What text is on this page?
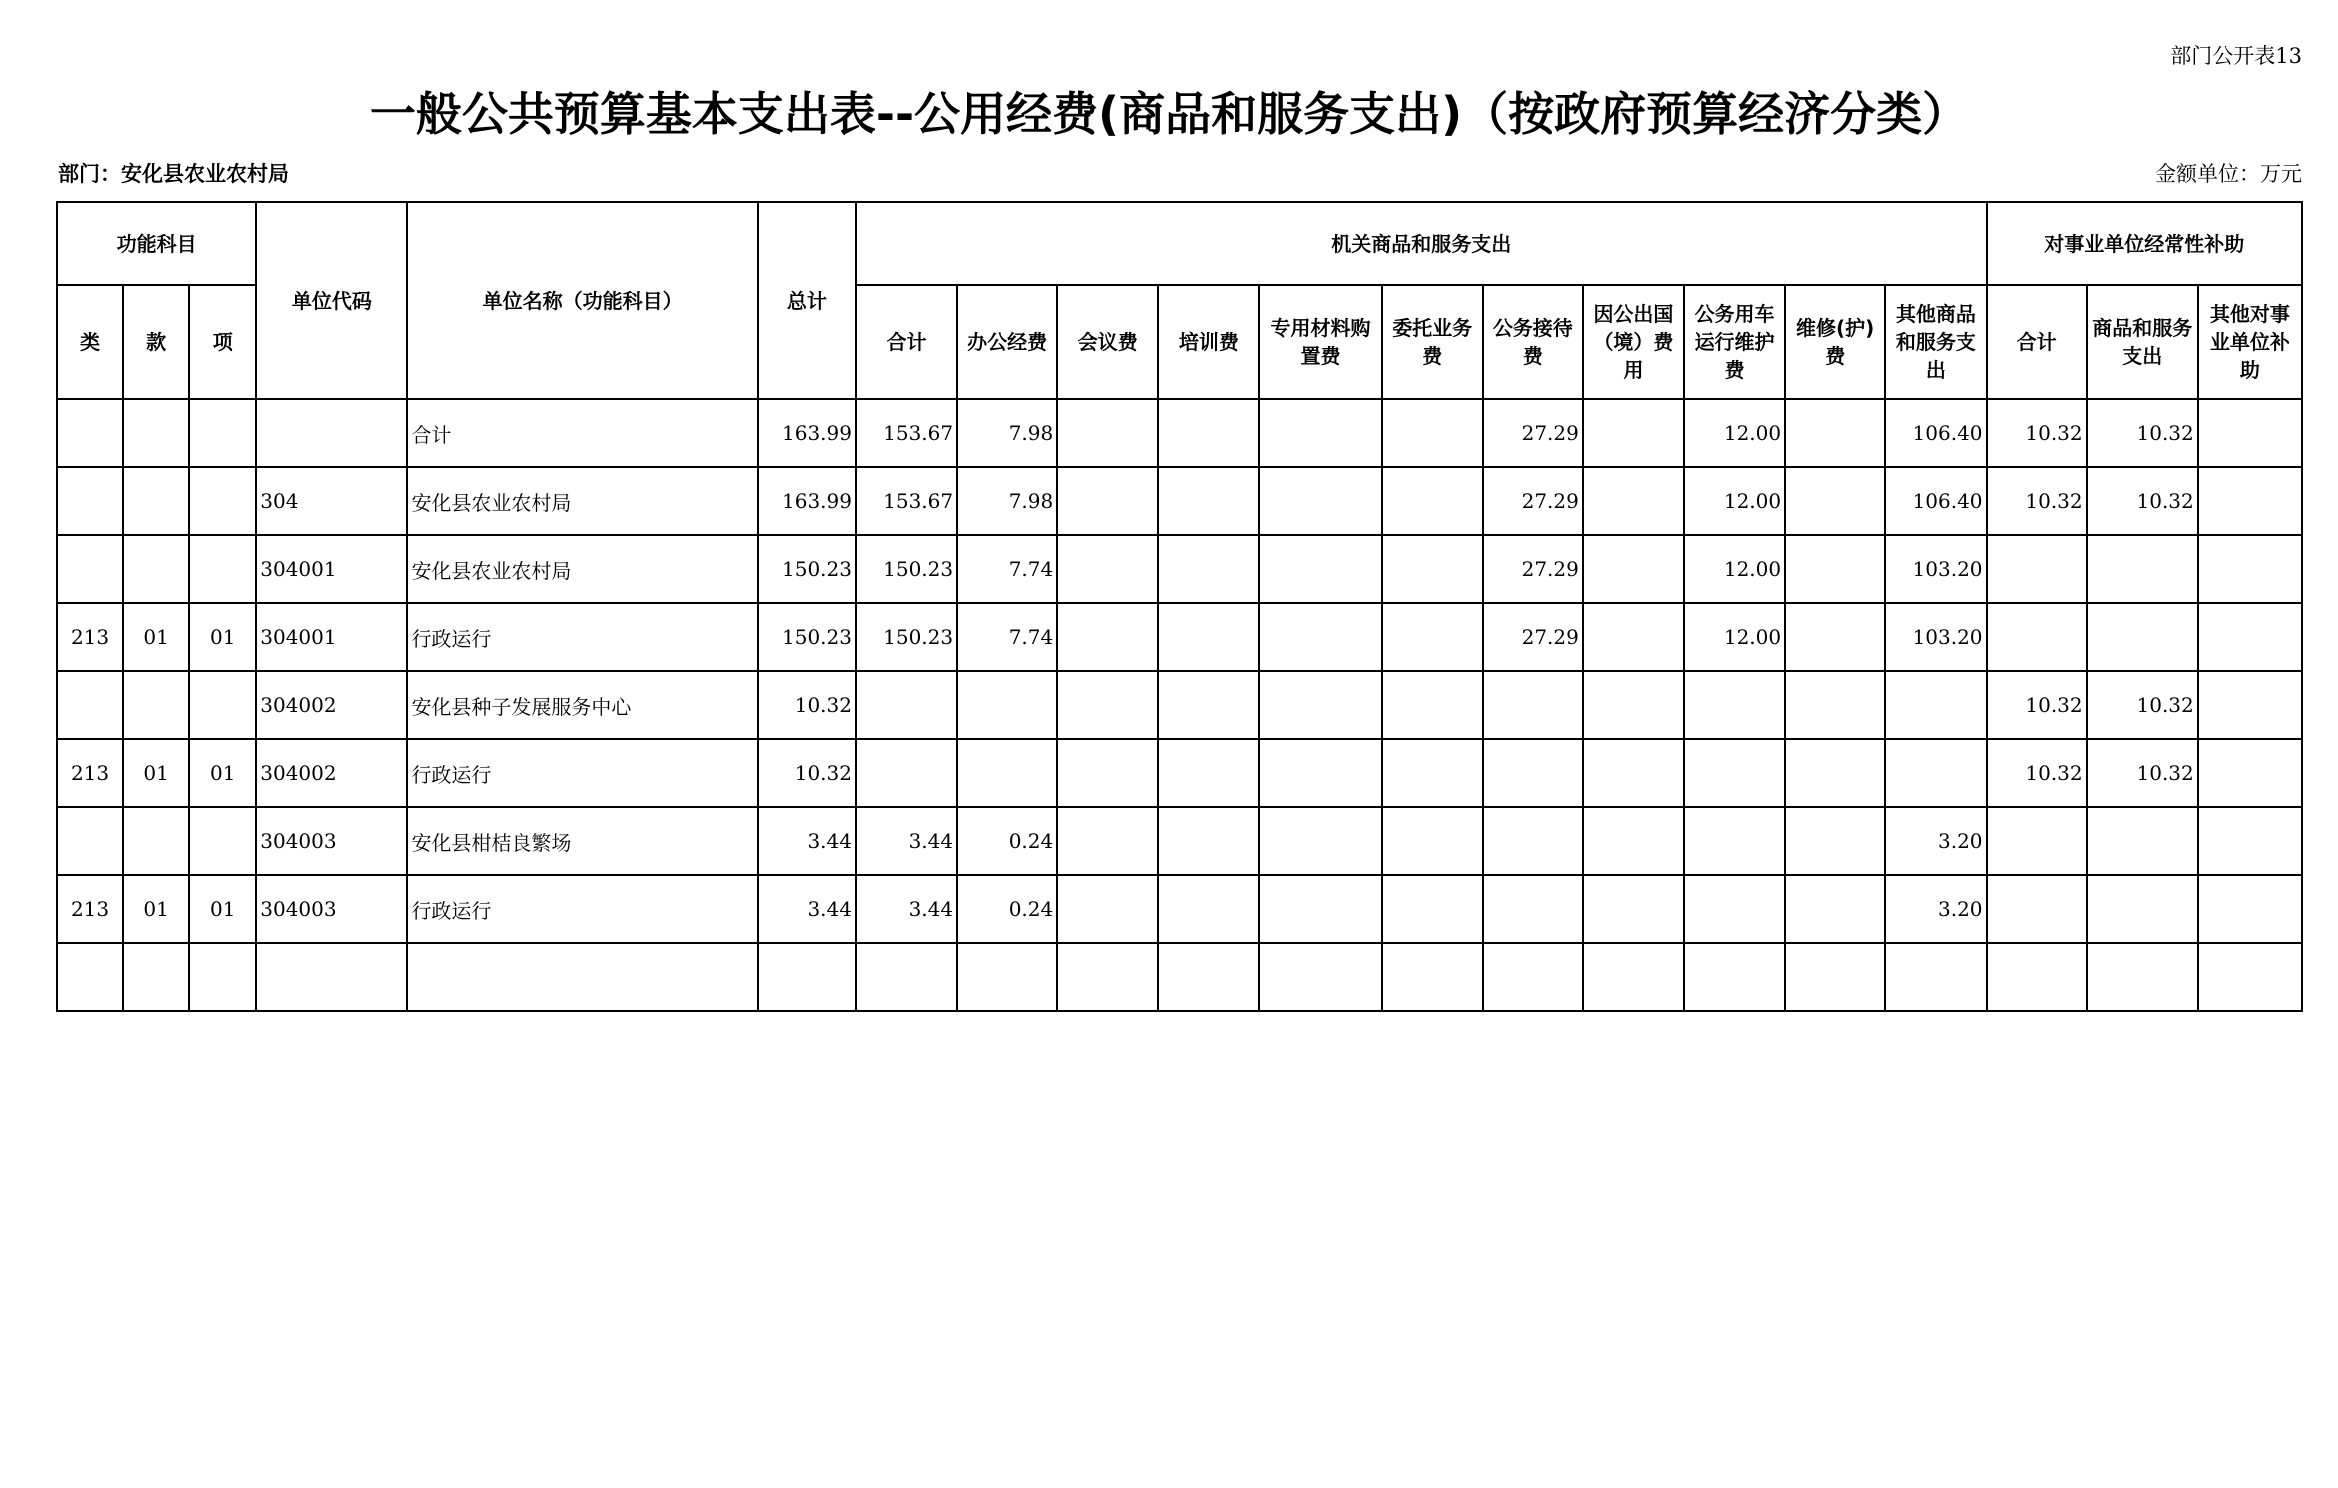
部门公开表13
一般公共预算基本支出表--公用经费(商品和服务支出)（按政府预算经济分类）
部门：安化县农业农村局	金额单位：万元
功能科目			单位代码	单位名称（功能科目）	总计	机关商品和服务支出											对事业单位经常性补助		
类	款	项				合计	办公经费	会议费	培训费	专用材料购置费	委托业务费	公务接待费	因公出国（境）费用	公务用车运行维护费	维修(护)费	其他商品和服务支出	合计	商品和服务支出	其他对事业单位补助
				合计	163.99	153.67	7.98					27.29		12.00		106.40	10.32	10.32	
			304	安化县农业农村局	163.99	153.67	7.98					27.29		12.00		106.40	10.32	10.32	
			304001	安化县农业农村局	150.23	150.23	7.74					27.29		12.00		103.20			
213	01	01	304001	行政运行	150.23	150.23	7.74					27.29		12.00		103.20			
			304002	安化县种子发展服务中心	10.32												10.32	10.32	
213	01	01	304002	行政运行	10.32												10.32	10.32	
			304003	安化县柑桔良繁场	3.44	3.44	0.24									3.20			
213	01	01	304003	行政运行	3.44	3.44	0.24									3.20			
